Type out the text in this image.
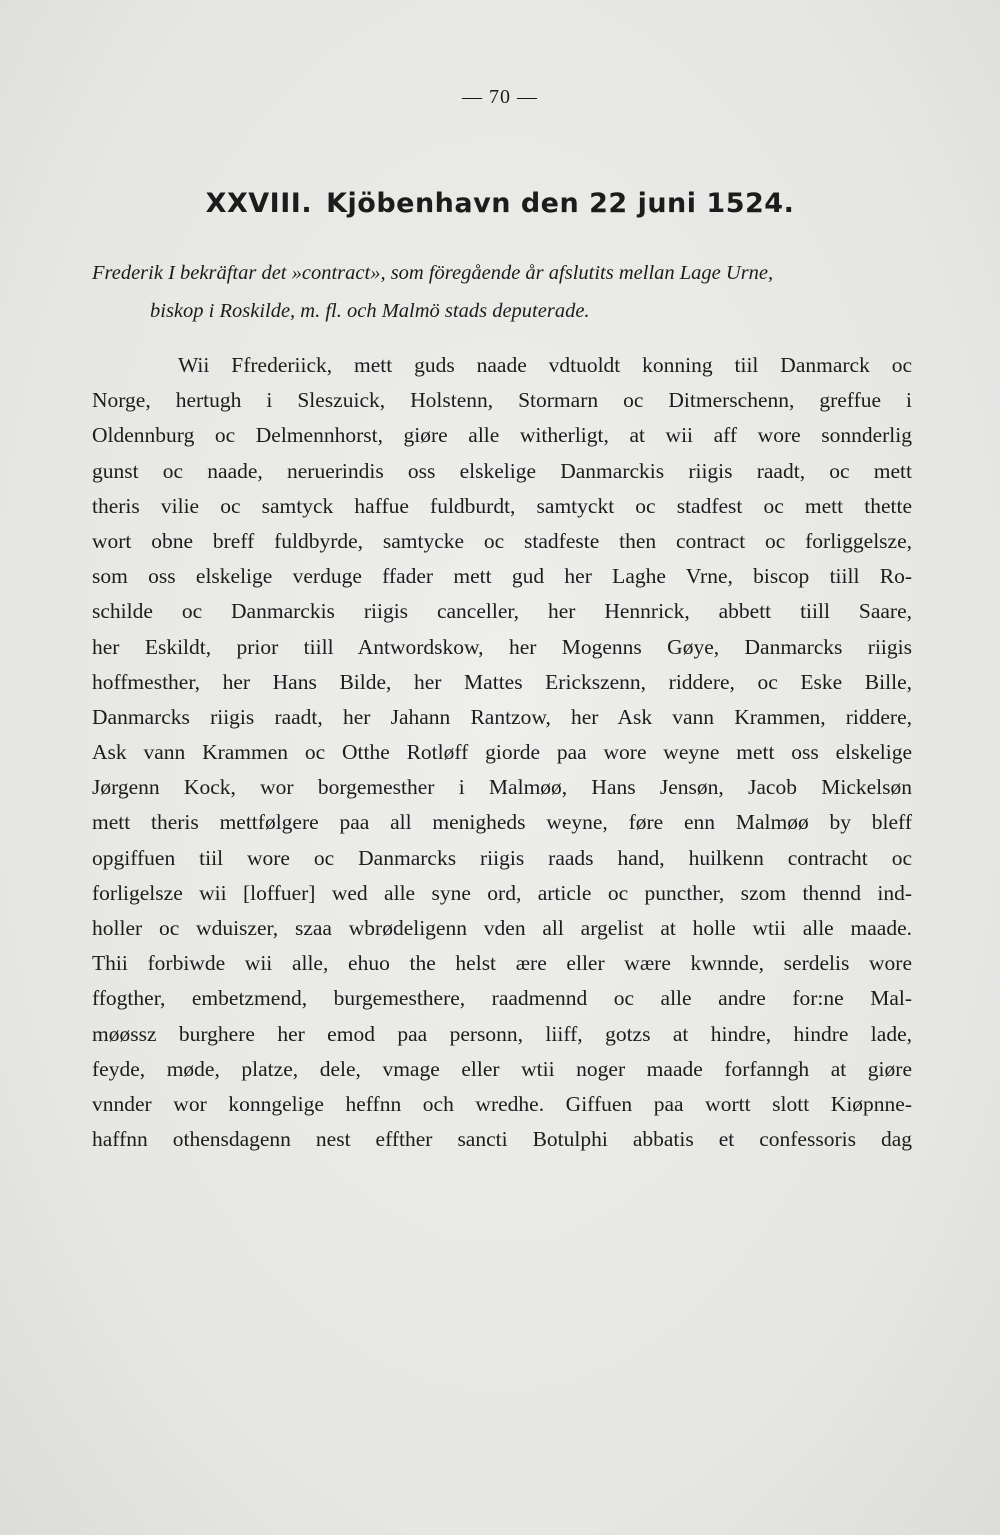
— 70 —
XXVIII. Kjöbenhavn den 22 juni 1524.
Frederik I bekräftar det »contract», som föregående år afslutits mellan Lage Urne,
biskop i Roskilde, m. fl. och Malmö stads deputerade.
Wii Ffrederiick, mett guds naade vdtuoldt konning tiil Danmarck oc
Norge, hertugh i Sleszuick, Holstenn, Stormarn oc Ditmerschenn, greffue i
Oldennburg oc Delmennhorst, giøre alle witherligt, at wii aff wore sonnderlig
gunst oc naade, neruerindis oss elskelige Danmarckis riigis raadt, oc mett
theris vilie oc samtyck haffue fuldburdt, samtyckt oc stadfest oc mett thette
wort obne breff fuldbyrde, samtycke oc stadfeste then contract oc forliggelsze,
som oss elskelige verduge ffader mett gud her Laghe Vrne, biscop tiill Ro-
schilde oc Danmarckis riigis canceller, her Hennrick, abbett tiill Saare,
her Eskildt, prior tiill Antwordskow, her Mogenns Gøye, Danmarcks riigis
hoffmesther, her Hans Bilde, her Mattes Erickszenn, riddere, oc Eske Bille,
Danmarcks riigis raadt, her Jahann Rantzow, her Ask vann Krammen, riddere,
Ask vann Krammen oc Otthe Rotløff giorde paa wore weyne mett oss elskelige
Jørgenn Kock, wor borgemesther i Malmøø, Hans Jensøn, Jacob Mickelsøn
mett theris mettfølgere paa all menigheds weyne, føre enn Malmøø by bleff
opgiffuen tiil wore oc Danmarcks riigis raads hand, huilkenn contracht oc
forligelsze wii [loffuer] wed alle syne ord, article oc puncther, szom thennd ind-
holler oc wduiszer, szaa wbrødeligenn vden all argelist at holle wtii alle maade.
Thii forbiwde wii alle, ehuo the helst ære eller wære kwnnde, serdelis wore
ffogther, embetzmend, burgemesthere, raadmennd oc alle andre for:ne Mal-
møøssz burghere her emod paa personn, liiff, gotzs at hindre, hindre lade,
feyde, møde, platze, dele, vmage eller wtii noger maade forfanngh at giøre
vnnder wor konngelige heffnn och wredhe. Giffuen paa wortt slott Kiøpnne-
haffnn othensdagenn nest effther sancti Botulphi abbatis et confessoris dag
